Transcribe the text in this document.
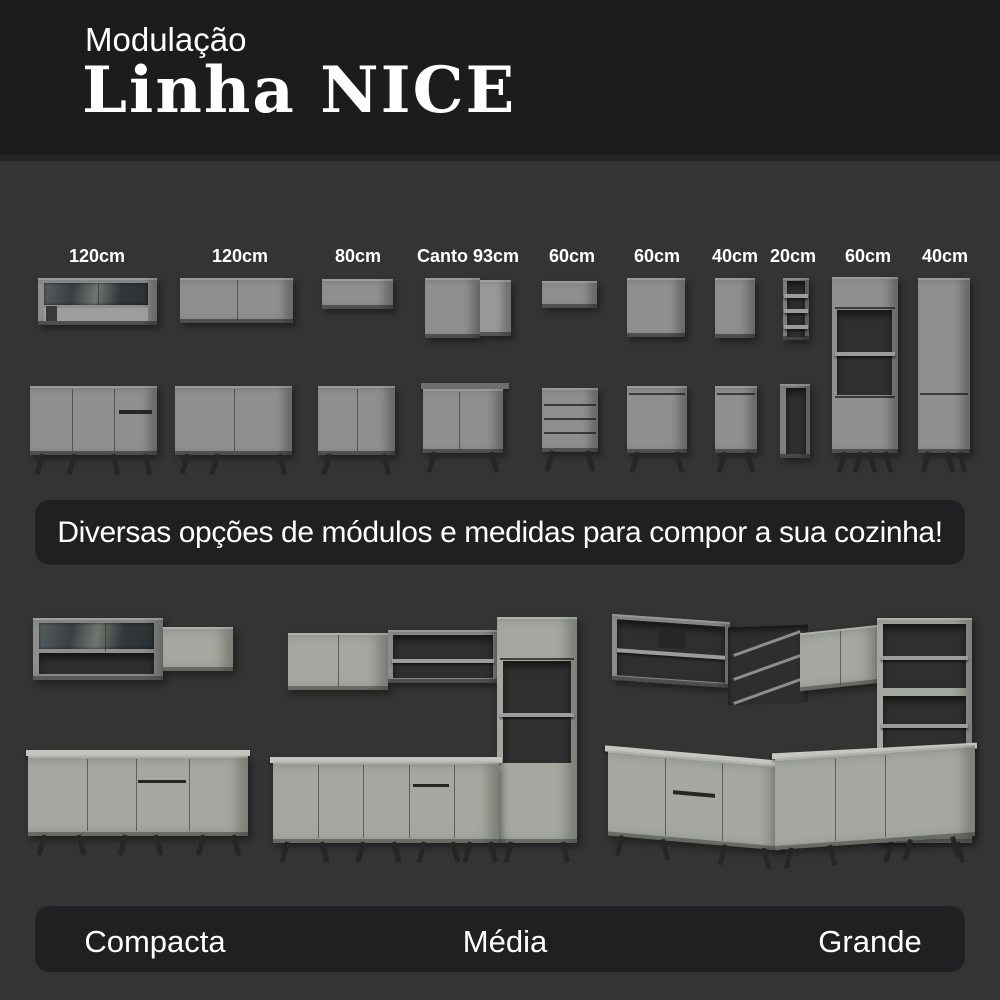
Modulação
Linha NICE
120cm	120cm	80cm	Canto 93cm	60cm	60cm	40cm 20cm	60cm	40cm
Diversas opções de módulos e medidas para compor a sua cozinha!
Compacta	Média	Grande
